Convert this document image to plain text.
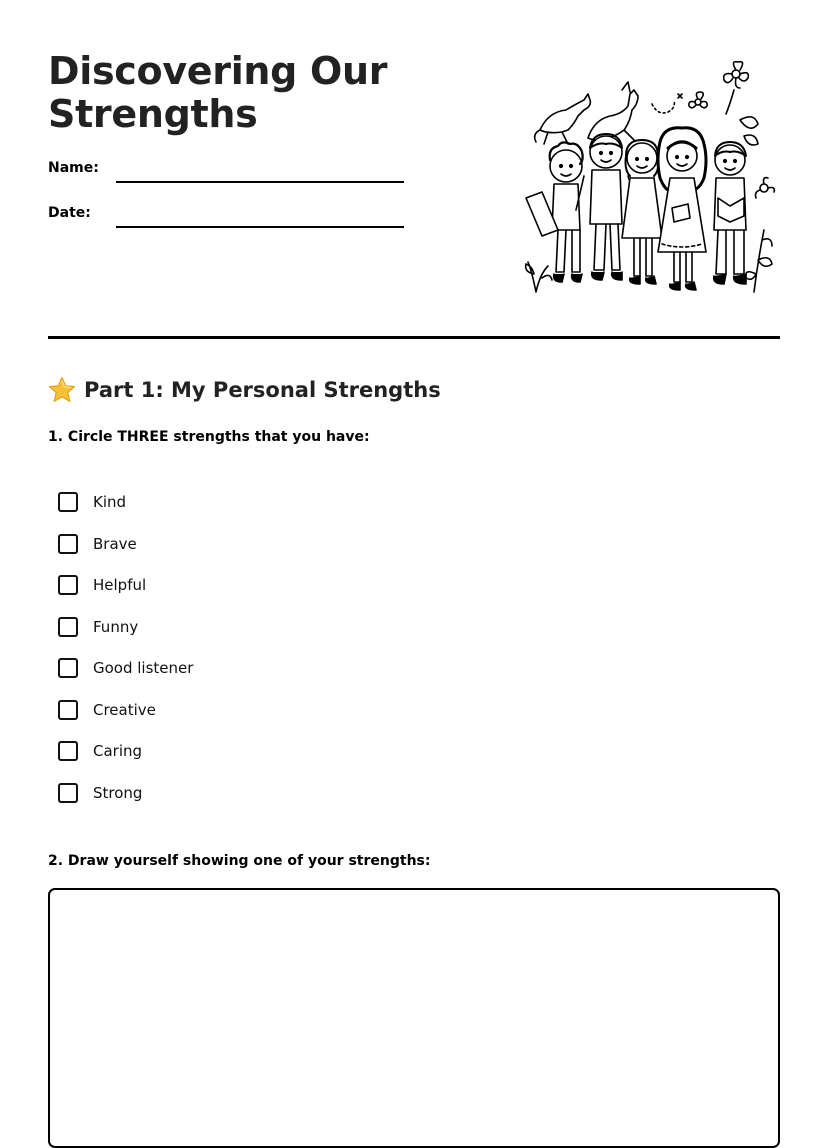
Discovering Our
Strengths
Name:
Date:
Part 1: My Personal Strengths
1. Circle THREE strengths that you have:
Kind
Brave
Helpful
Funny
Good listener
Creative
Caring
Strong
2. Draw yourself showing one of your strengths:
